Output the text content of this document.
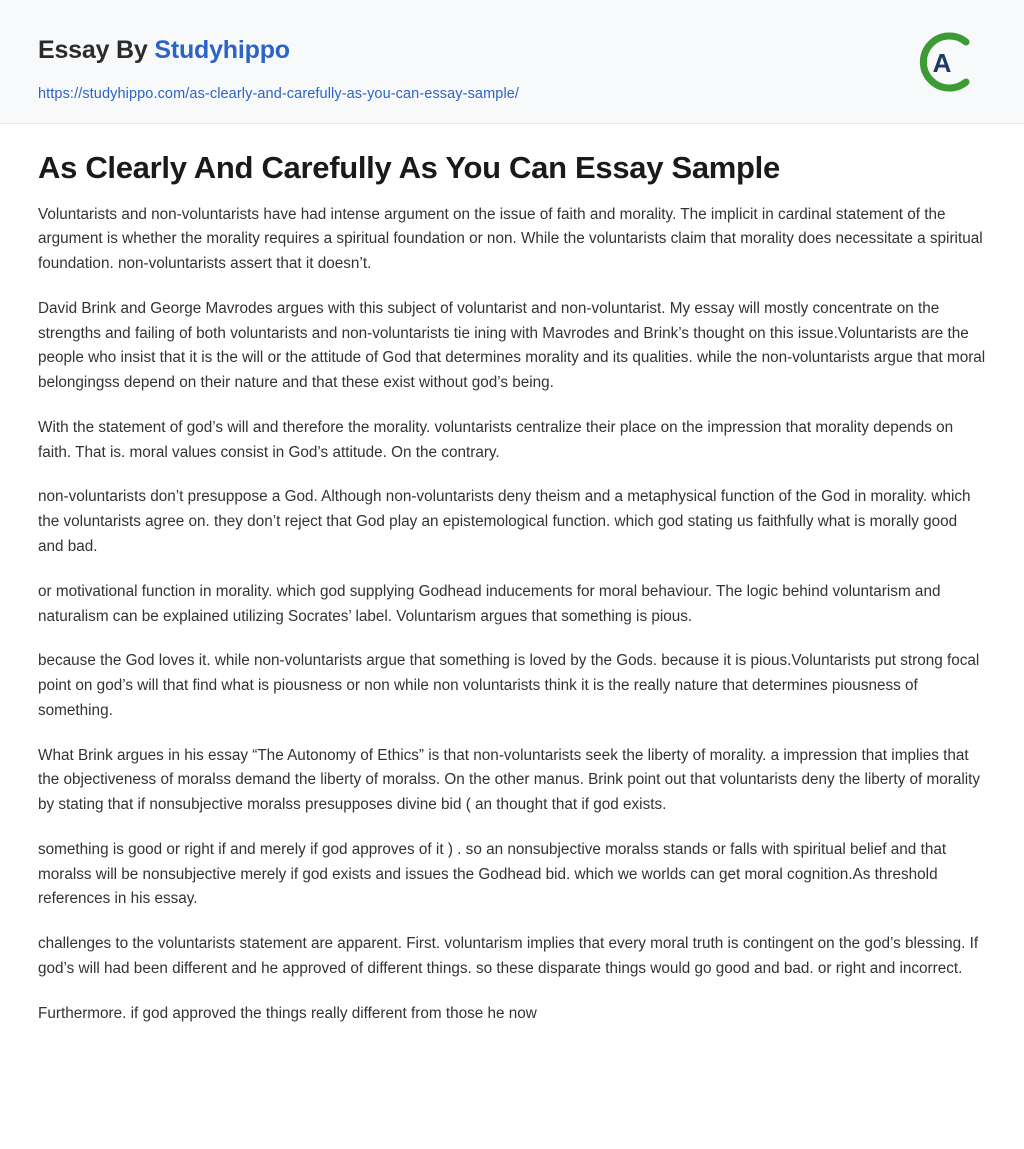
Essay By Studyhippo
https://studyhippo.com/as-clearly-and-carefully-as-you-can-essay-sample/
A
As Clearly And Carefully As You Can Essay Sample

Voluntarists and non-voluntarists have had intense argument on the issue of faith and morality. The implicit in cardinal statement of the argument is whether the morality requires a spiritual foundation or non. While the voluntarists claim that morality does necessitate a spiritual foundation. non-voluntarists assert that it doesn’t.

David Brink and George Mavrodes argues with this subject of voluntarist and non-voluntarist. My essay will mostly concentrate on the strengths and failing of both voluntarists and non-voluntarists tie ining with Mavrodes and Brink’s thought on this issue.Voluntarists are the people who insist that it is the will or the attitude of God that determines morality and its qualities. while the non-voluntarists argue that moral belongingss depend on their nature and that these exist without god’s being.

With the statement of god’s will and therefore the morality. voluntarists centralize their place on the impression that morality depends on faith. That is. moral values consist in God’s attitude. On the contrary.

non-voluntarists don’t presuppose a God. Although non-voluntarists deny theism and a metaphysical function of the God in morality. which the voluntarists agree on. they don’t reject that God play an epistemological function. which god stating us faithfully what is morally good and bad.

or motivational function in morality. which god supplying Godhead inducements for moral behaviour. The logic behind voluntarism and naturalism can be explained utilizing Socrates’ label. Voluntarism argues that something is pious.

because the God loves it. while non-voluntarists argue that something is loved by the Gods. because it is pious.Voluntarists put strong focal point on god’s will that find what is piousness or non while non voluntarists think it is the really nature that determines piousness of something.

What Brink argues in his essay “The Autonomy of Ethics” is that non-voluntarists seek the liberty of morality. a impression that implies that the objectiveness of moralss demand the liberty of moralss. On the other manus. Brink point out that voluntarists deny the liberty of morality by stating that if nonsubjective moralss presupposes divine bid ( an thought that if god exists.

something is good or right if and merely if god approves of it ) . so an nonsubjective moralss stands or falls with spiritual belief and that moralss will be nonsubjective merely if god exists and issues the Godhead bid. which we worlds can get moral cognition.As threshold references in his essay.

challenges to the voluntarists statement are apparent. First. voluntarism implies that every moral truth is contingent on the god’s blessing. If god’s will had been different and he approved of different things. so these disparate things would go good and bad. or right and incorrect.

Furthermore. if god approved the things really different from those he now
